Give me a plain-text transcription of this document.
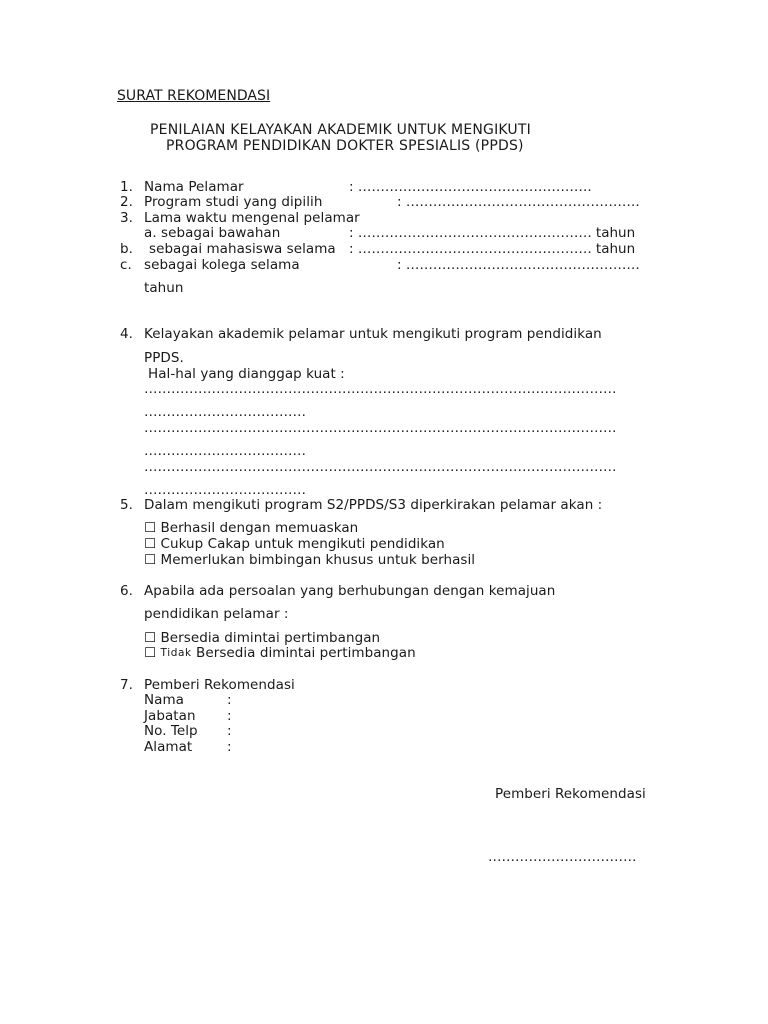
SURAT REKOMENDASI
PENILAIAN KELAYAKAN AKADEMIK UNTUK MENGIKUTI
PROGRAM PENDIDIKAN DOKTER SPESIALIS (PPDS)
1. Nama Pelamar	: …………………………………………….
2. Program studi yang dipilih	: …………………………………………….
3. Lama waktu mengenal pelamar
a. sebagai bawahan	: ……………………………………………. tahun
b. sebagai mahasiswa selama : ……………………………………………. tahun
c. sebagai kolega selama	: …………………………………………….
tahun
4. Kelayakan akademik pelamar untuk mengikuti program pendidikan
PPDS.
Hal-hal yang dianggap kuat :
……………………………………………………………………………………………
………………………………
……………………………………………………………………………………………
………………………………
……………………………………………………………………………………………
………………………………
5. Dalam mengikuti program S2/PPDS/S3 diperkirakan pelamar akan :
☐ Berhasil dengan memuaskan
☐ Cukup Cakap untuk mengikuti pendidikan
☐ Memerlukan bimbingan khusus untuk berhasil
6. Apabila ada persoalan yang berhubungan dengan kemajuan
pendidikan pelamar :
☐ Bersedia dimintai pertimbangan
☐ Tidak Bersedia dimintai pertimbangan
7. Pemberi Rekomendasi
Nama	:
Jabatan :
No. Telp :
Alamat	:
Pemberi Rekomendasi
……………………………
